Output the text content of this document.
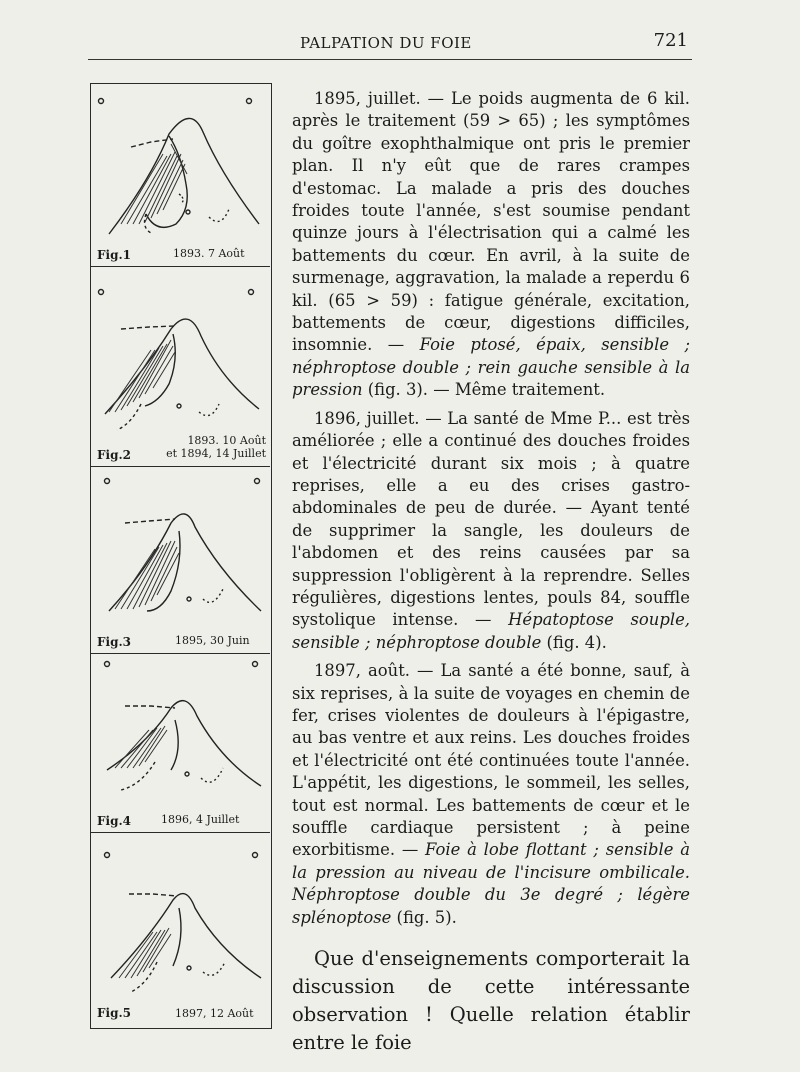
PALPATION DU FOIE	721
Fig.1	1893. 7 Août
Fig.2
1893. 10 Août
et 1894, 14 Juillet
Fig.3	1895, 30 Juin
Fig.4	1896, 4 Juillet
Fig.5	1897, 12 Août

1895, juillet. — Le poids augmenta de 6 kil. après le traitement (59 > 65) ; les symptômes du goître exophthalmique ont pris le premier plan. Il n'y eût que de rares crampes d'estomac. La malade a pris des douches froides toute l'année, s'est soumise pendant quinze jours à l'électrisation qui a calmé les battements du cœur. En avril, à la suite de surmenage, aggravation, la malade a reperdu 6 kil. (65 > 59) : fatigue générale, excitation, battements de cœur, digestions difficiles, insomnie. — Foie ptosé, épaix, sensible ; néphroptose double ; rein gauche sensible à la pression (fig. 3). — Même traitement.

1896, juillet. — La santé de Mme P... est très améliorée ; elle a continué des douches froides et l'électricité durant six mois ; à quatre reprises, elle a eu des crises gastro-abdominales de peu de durée. — Ayant tenté de supprimer la sangle, les douleurs de l'abdomen et des reins causées par sa suppression l'obligèrent à la reprendre. Selles régulières, digestions lentes, pouls 84, souffle systolique intense. — Hépatoptose souple, sensible ; néphroptose double (fig. 4).

1897, août. — La santé a été bonne, sauf, à six reprises, à la suite de voyages en chemin de fer, crises violentes de douleurs à l'épigastre, au bas ventre et aux reins. Les douches froides et l'électricité ont été continuées toute l'année. L'appétit, les digestions, le sommeil, les selles, tout est normal. Les battements de cœur et le souffle cardiaque persistent ; à peine exorbitisme. — Foie à lobe flottant ; sensible à la pression au niveau de l'incisure ombilicale. Néphroptose double du 3e degré ; légère splénoptose (fig. 5).

Que d'enseignements comporterait la discussion de cette intéressante observation ! Quelle relation établir entre le foie
